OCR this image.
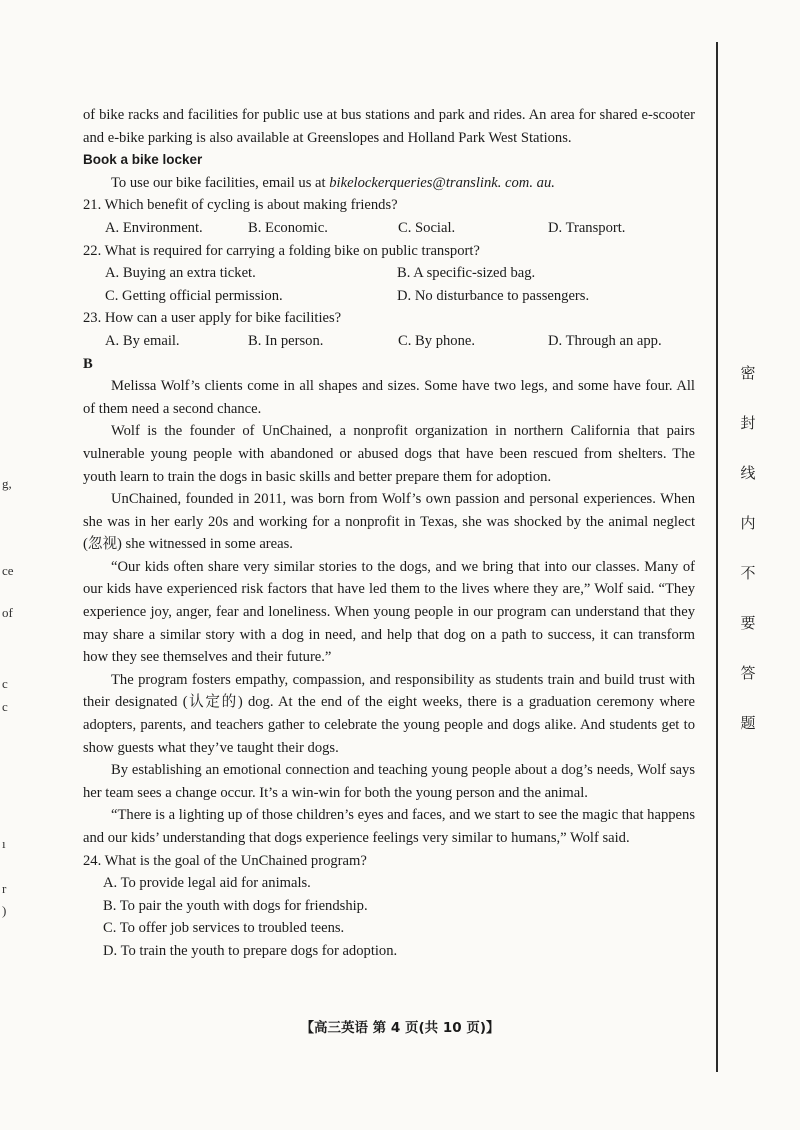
of bike racks and facilities for public use at bus stations and park and rides. An area for shared e-scooter and e-bike parking is also available at Greenslopes and Holland Park West Stations.

Book a bike locker

To use our bike facilities, email us at bikelockerqueries@translink. com. au.

21. Which benefit of cycling is about making friends?

A. Environment.	B. Economic.	C. Social.	D. Transport.

22. What is required for carrying a folding bike on public transport?

A. Buying an extra ticket.	B. A specific-sized bag.
C. Getting official permission.	D. No disturbance to passengers.

23. How can a user apply for bike facilities?

A. By email.	B. In person.	C. By phone.	D. Through an app.

B

Melissa Wolf’s clients come in all shapes and sizes. Some have two legs, and some have four. All of them need a second chance.

Wolf is the founder of UnChained, a nonprofit organization in northern California that pairs vulnerable young people with abandoned or abused dogs that have been rescued from shelters. The youth learn to train the dogs in basic skills and better prepare them for adoption.

UnChained, founded in 2011, was born from Wolf’s own passion and personal experiences. When she was in her early 20s and working for a nonprofit in Texas, she was shocked by the animal neglect (忽视) she witnessed in some areas.

“Our kids often share very similar stories to the dogs, and we bring that into our classes. Many of our kids have experienced risk factors that have led them to the lives where they are,” Wolf said. “They experience joy, anger, fear and loneliness. When young people in our program can understand that they may share a similar story with a dog in need, and help that dog on a path to success, it can transform how they see themselves and their future.”

The program fosters empathy, compassion, and responsibility as students train and build trust with their designated (认定的) dog. At the end of the eight weeks, there is a graduation ceremony where adopters, parents, and teachers gather to celebrate the young people and dogs alike. And students get to show guests what they’ve taught their dogs.

By establishing an emotional connection and teaching young people about a dog’s needs, Wolf says her team sees a change occur. It’s a win-win for both the young person and the animal.

“There is a lighting up of those children’s eyes and faces, and we start to see the magic that happens and our kids’ understanding that dogs experience feelings very similar to humans,” Wolf said.

24. What is the goal of the UnChained program?

A. To provide legal aid for animals.

B. To pair the youth with dogs for friendship.

C. To offer job services to troubled teens.

D. To train the youth to prepare dogs for adoption.

【高三英语 第 4 页(共 10 页)】
密
封
线
内
不
要
答
题
g,
ce
of
c
c
ı
r
)
